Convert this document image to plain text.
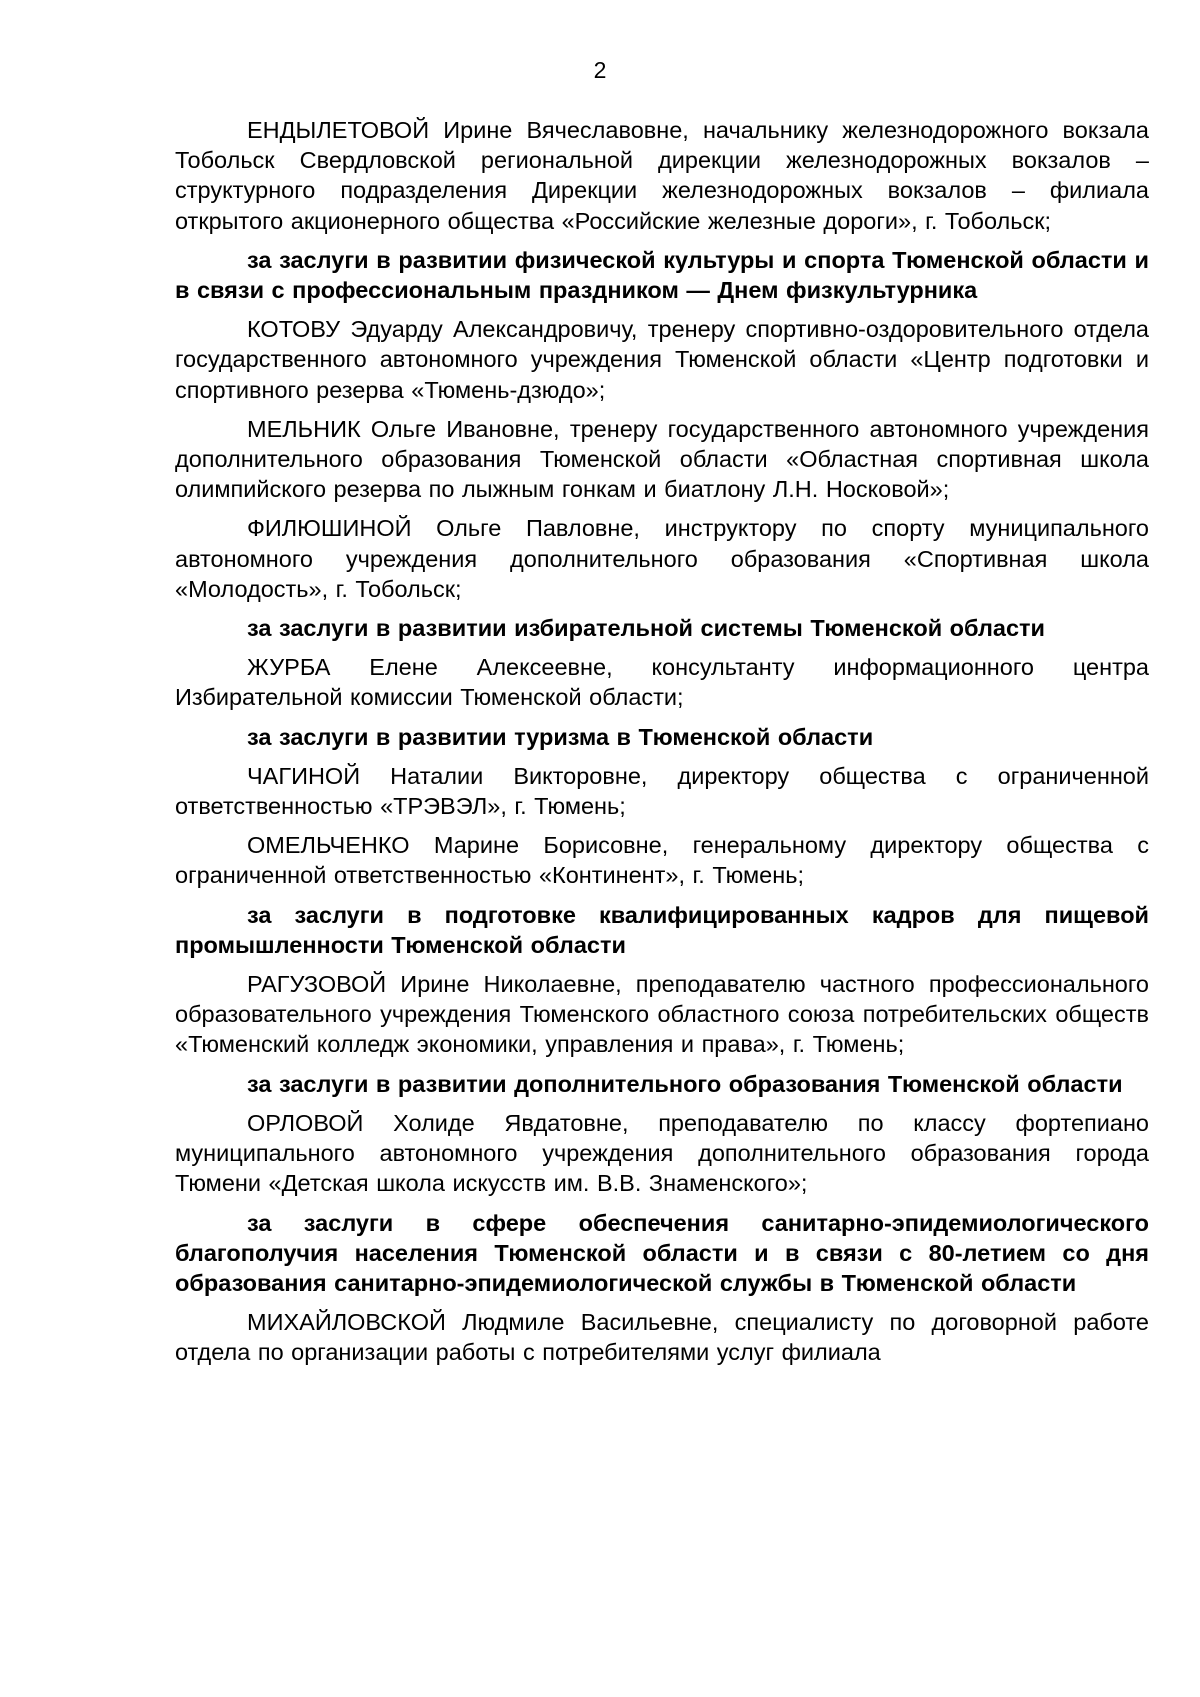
2

ЕНДЫЛЕТОВОЙ Ирине Вячеславовне, начальнику железнодорожного вокзала Тобольск Свердловской региональной дирекции железнодорожных вокзалов – структурного подразделения Дирекции железнодорожных вокзалов – филиала открытого акционерного общества «Российские железные дороги», г. Тобольск;

за заслуги в развитии физической культуры и спорта Тюменской области и в связи с профессиональным праздником — Днем физкультурника

КОТОВУ Эдуарду Александровичу, тренеру спортивно-оздоровительного отдела государственного автономного учреждения Тюменской области «Центр подготовки и спортивного резерва «Тюмень-дзюдо»;

МЕЛЬНИК Ольге Ивановне, тренеру государственного автономного учреждения дополнительного образования Тюменской области «Областная спортивная школа олимпийского резерва по лыжным гонкам и биатлону Л.Н. Носковой»;

ФИЛЮШИНОЙ Ольге Павловне, инструктору по спорту муниципального автономного учреждения дополнительного образования «Спортивная школа «Молодость», г. Тобольск;

за заслуги в развитии избирательной системы Тюменской области

ЖУРБА Елене Алексеевне, консультанту информационного центра Избирательной комиссии Тюменской области;

за заслуги в развитии туризма в Тюменской области

ЧАГИНОЙ Наталии Викторовне, директору общества с ограниченной ответственностью «ТРЭВЭЛ», г. Тюмень;

ОМЕЛЬЧЕНКО Марине Борисовне, генеральному директору общества с ограниченной ответственностью «Континент», г. Тюмень;

за заслуги в подготовке квалифицированных кадров для пищевой промышленности Тюменской области

РАГУЗОВОЙ Ирине Николаевне, преподавателю частного профессионального образовательного учреждения Тюменского областного союза потребительских обществ «Тюменский колледж экономики, управления и права», г. Тюмень;

за заслуги в развитии дополнительного образования Тюменской области

ОРЛОВОЙ Холиде Явдатовне, преподавателю по классу фортепиано муниципального автономного учреждения дополнительного образования города Тюмени «Детская школа искусств им. В.В. Знаменского»;

за заслуги в сфере обеспечения санитарно-эпидемиологического благополучия населения Тюменской области и в связи с 80-летием со дня образования санитарно-эпидемиологической службы в Тюменской области

МИХАЙЛОВСКОЙ Людмиле Васильевне, специалисту по договорной работе отдела по организации работы с потребителями услуг филиала
